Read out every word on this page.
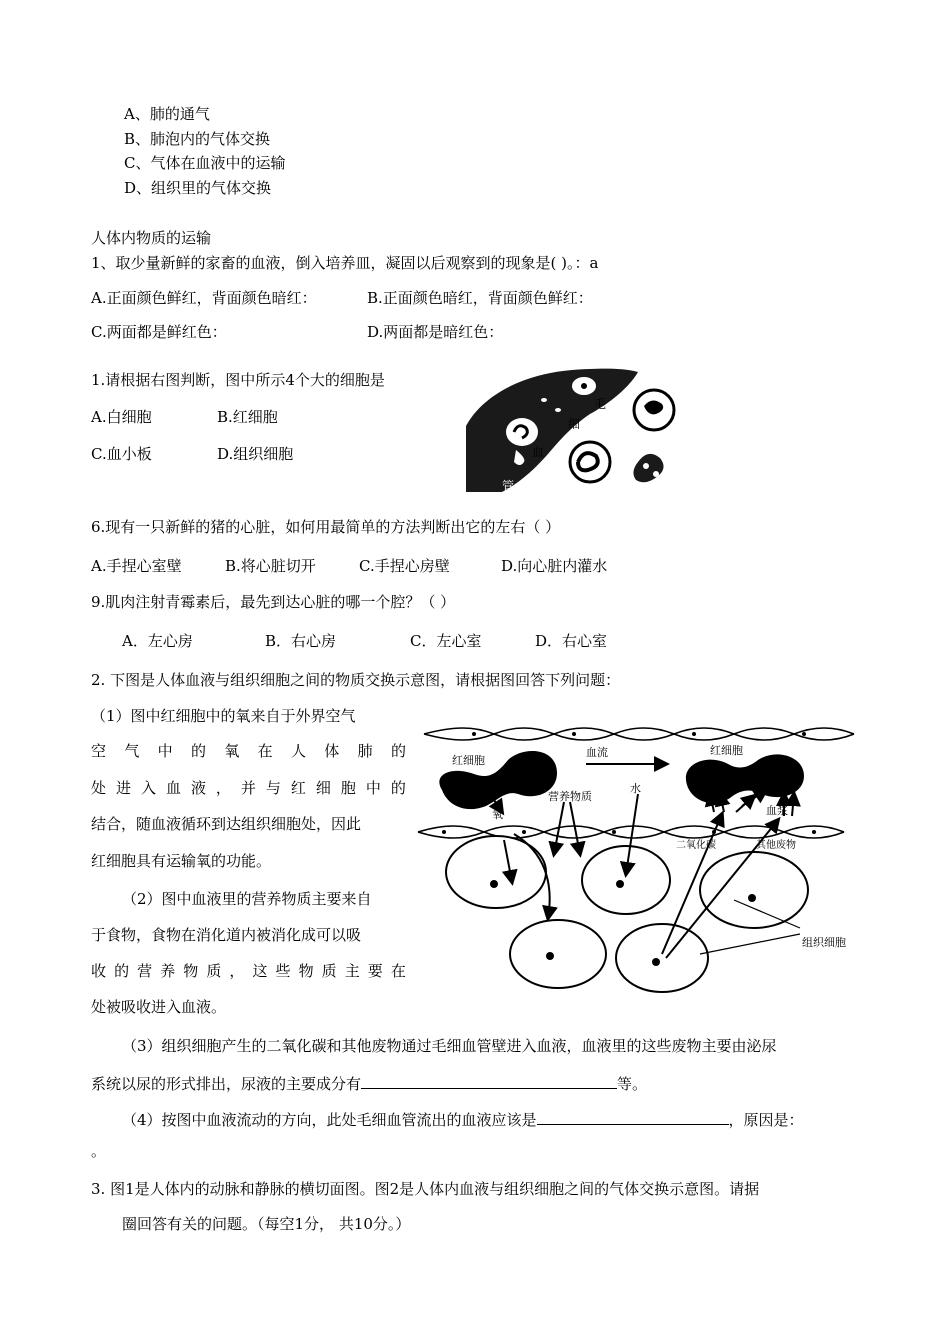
A、肺的通气
B、肺泡内的气体交换
C、气体在血液中的运输
D、组织里的气体交换
人体内物质的运输
1、取少量新鲜的家畜的血液，倒入培养皿，凝固以后观察到的现象是( )。：a
A.正面颜色鲜红，背面颜色暗红：	B.正面颜色暗红，背面颜色鲜红：
C.两面都是鲜红色：	D.两面都是暗红色：
1.请根据右图判断，图中所示4个大的细胞是
A.白细胞	B.红细胞
C.血小板	D.组织细胞
毛
细
血
管
6.现有一只新鲜的猪的心脏，如何用最简单的方法判断出它的左右（ ）
A.手捏心室壁	B.将心脏切开	C.手捏心房壁	D.向心脏内灌水
9.肌肉注射青霉素后，最先到达心脏的哪一个腔？（ ）
A．左心房	B．右心房	C．左心室	D．右心室
2. 下图是人体血液与组织细胞之间的物质交换示意图，请根据图回答下列问题：
（1）图中红细胞中的氧来自于外界空气
空 气 中 的 氧 在 人 体 肺 的
处 进 入 血 液 ， 并 与 红 细 胞 中 的
结合，随血液循环到达组织细胞处，因此
红细胞具有运输氧的功能。
（2）图中血液里的营养物质主要来自
于食物，食物在消化道内被消化成可以吸
收 的 营 养 物 质 ， 这 些 物 质 主 要 在
处被吸收进入血液。
红细胞
血流	红细胞
营养物质
水
氧	血浆
二氧化碳	其他废物
组织细胞
（3）组织细胞产生的二氧化碳和其他废物通过毛细血管壁进入血液，血液里的这些废物主要由泌尿
系统以尿的形式排出，尿液的主要成分有	等。
（4）按图中血液流动的方向，此处毛细血管流出的血液应该是	，原因是：
。
3. 图1是人体内的动脉和静脉的横切面图。图2是人体内血液与组织细胞之间的气体交换示意图。请据
圈回答有关的问题。（每空1分， 共10分。）
